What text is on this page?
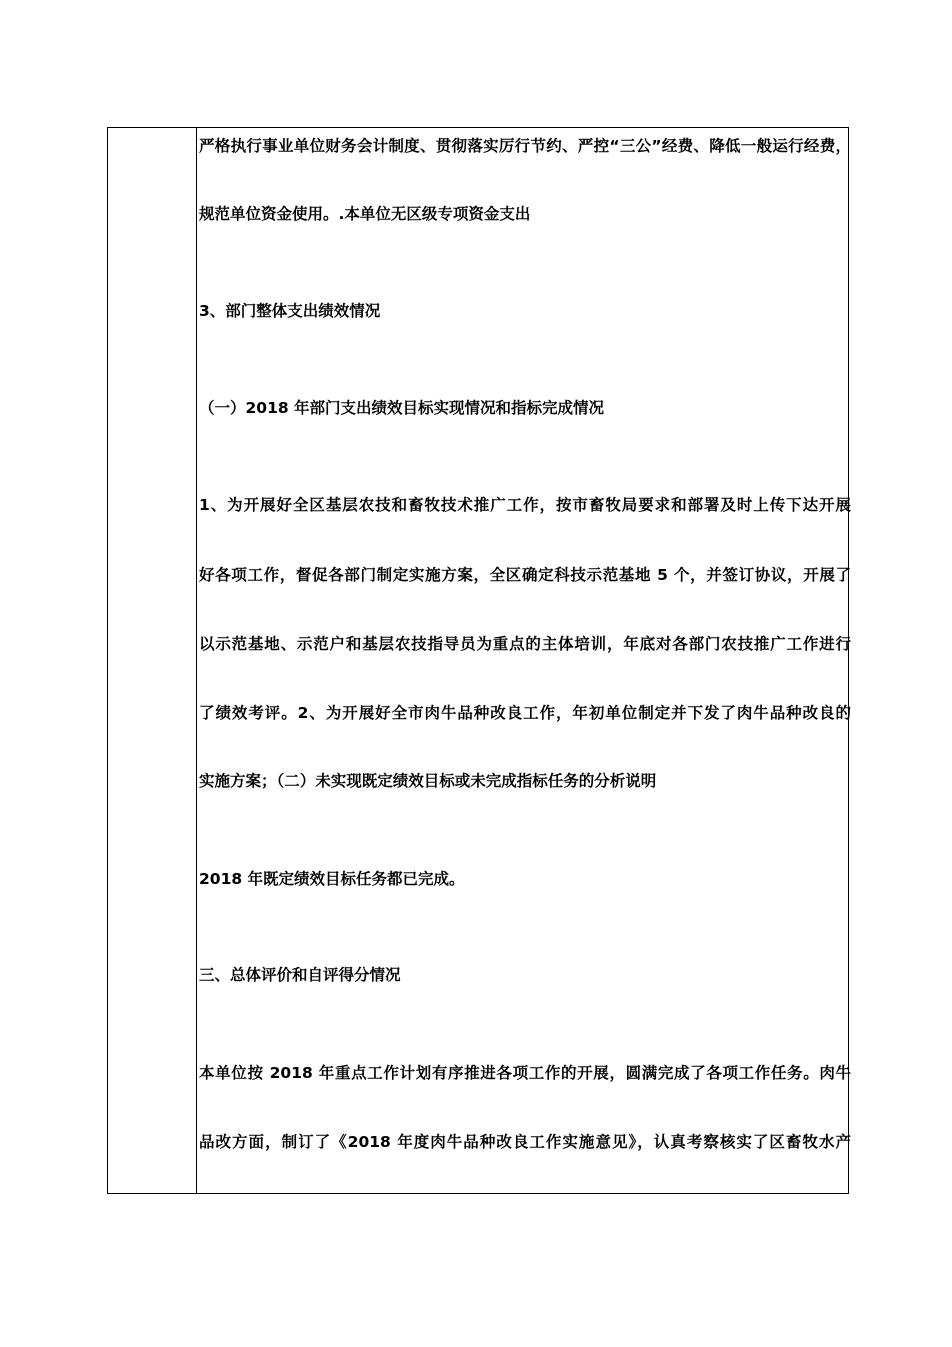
严格执行事业单位财务会计制度、贯彻落实厉行节约、严控“三公”经费、降低一般运行经费，
规范单位资金使用。.本单位无区级专项资金支出
3、部门整体支出绩效情况
（一）2018 年部门支出绩效目标实现情况和指标完成情况
1、为开展好全区基层农技和畜牧技术推广工作，按市畜牧局要求和部署及时上传下达开展
好各项工作，督促各部门制定实施方案，全区确定科技示范基地 5 个，并签订协议，开展了
以示范基地、示范户和基层农技指导员为重点的主体培训，年底对各部门农技推广工作进行
了绩效考评。2、为开展好全市肉牛品种改良工作，年初单位制定并下发了肉牛品种改良的
实施方案；（二）未实现既定绩效目标或未完成指标任务的分析说明
2018 年既定绩效目标任务都已完成。
三、总体评价和自评得分情况
本单位按 2018 年重点工作计划有序推进各项工作的开展，圆满完成了各项工作任务。肉牛
品改方面，制订了《2018 年度肉牛品种改良工作实施意见》，认真考察核实了区畜牧水产
